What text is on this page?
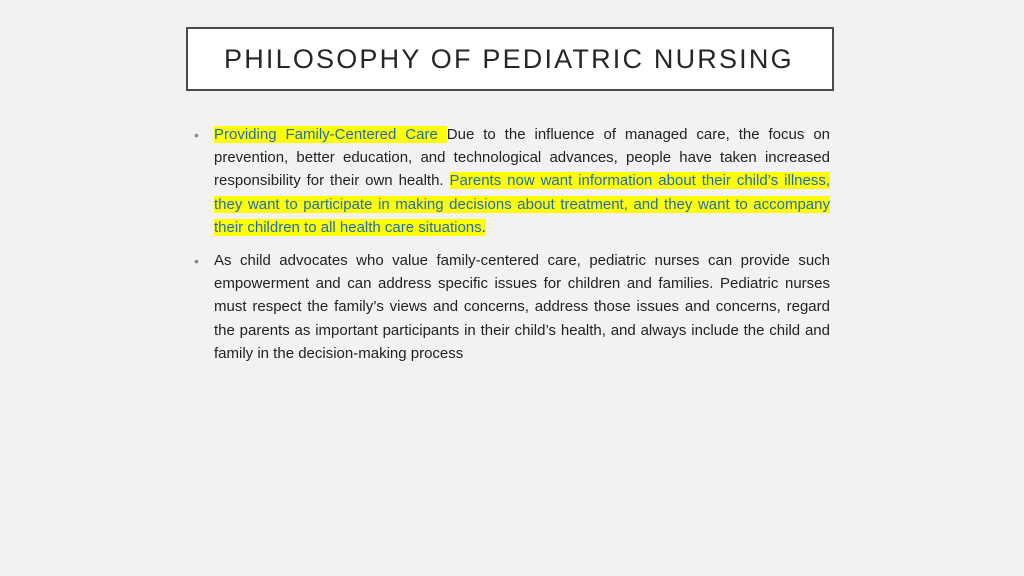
PHILOSOPHY OF PEDIATRIC NURSING
• Providing Family-Centered Care Due to the influence of managed care, the focus on prevention, better education, and technological advances, people have taken increased responsibility for their own health. Parents now want information about their child’s illness, they want to participate in making decisions about treatment, and they want to accompany their children to all health care situations.
• As child advocates who value family-centered care, pediatric nurses can provide such empowerment and can address specific issues for children and families. Pediatric nurses must respect the family’s views and concerns, address those issues and concerns, regard the parents as important participants in their child’s health, and always include the child and family in the decision-making process
